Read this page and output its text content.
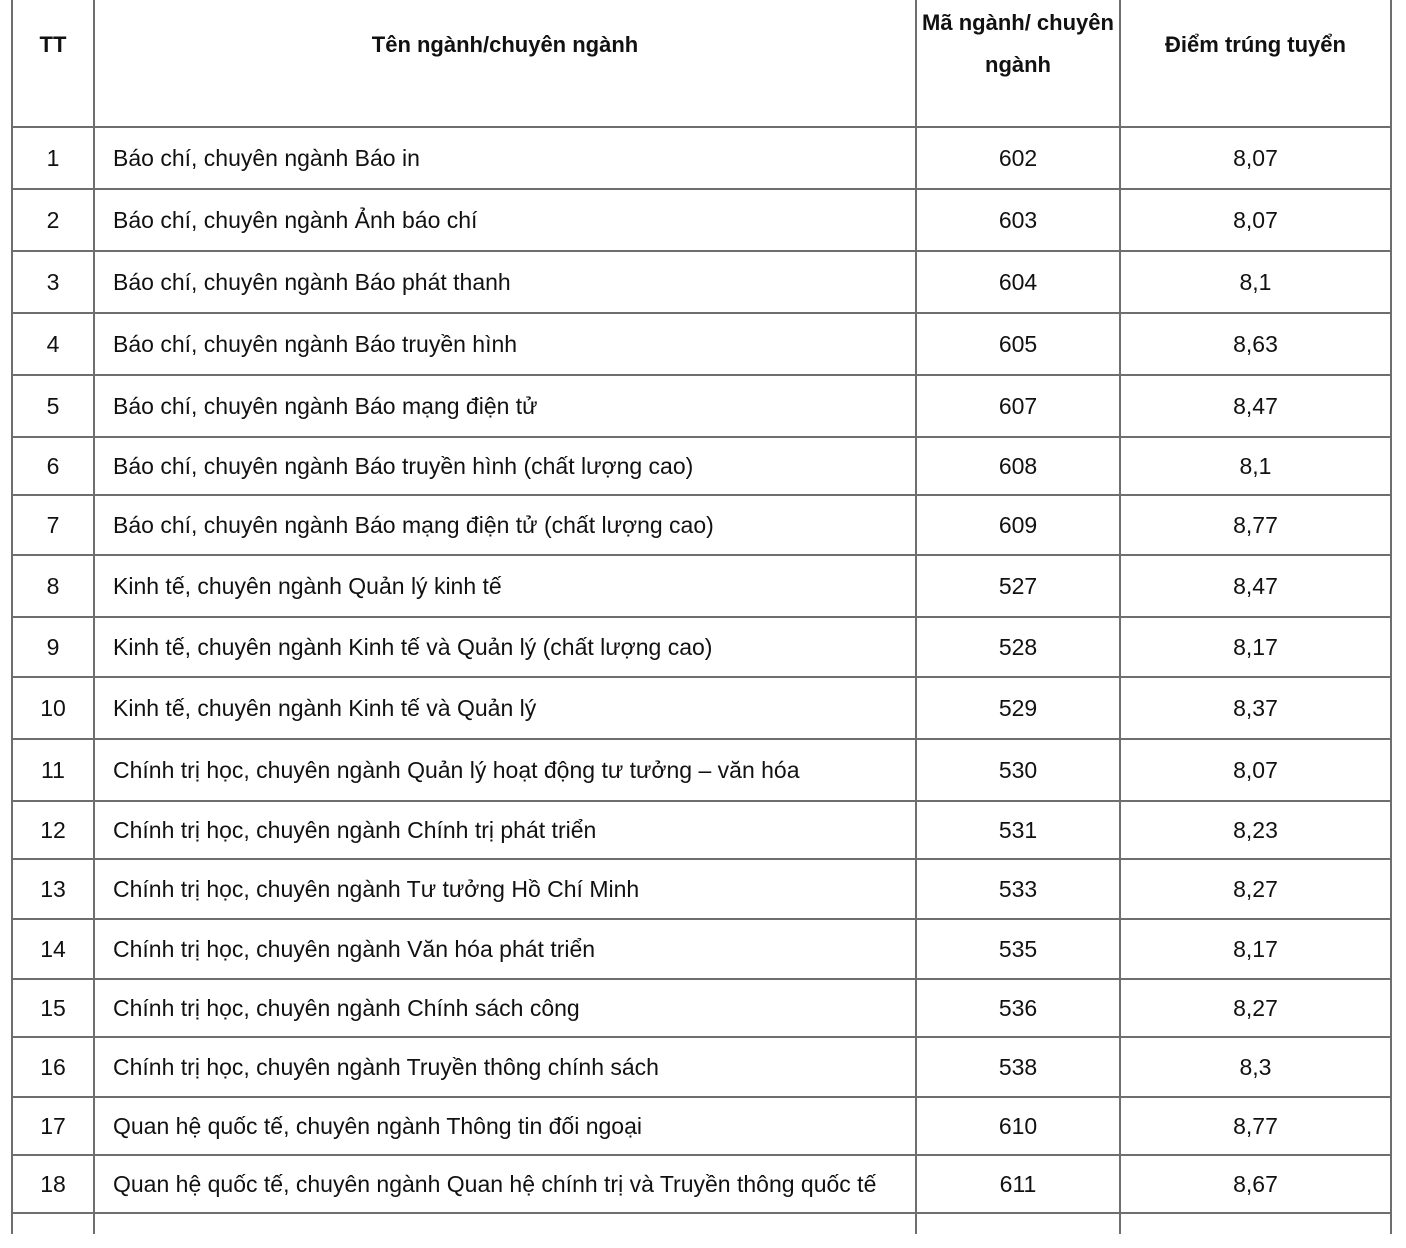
TT	Tên ngành/chuyên ngành	Mã ngành/ chuyên ngành	Điểm trúng tuyển
1	Báo chí, chuyên ngành Báo in	602	8,07
2	Báo chí, chuyên ngành Ảnh báo chí	603	8,07
3	Báo chí, chuyên ngành Báo phát thanh	604	8,1
4	Báo chí, chuyên ngành Báo truyền hình	605	8,63
5	Báo chí, chuyên ngành Báo mạng điện tử	607	8,47
6	Báo chí, chuyên ngành Báo truyền hình (chất lượng cao)	608	8,1
7	Báo chí, chuyên ngành Báo mạng điện tử (chất lượng cao)	609	8,77
8	Kinh tế, chuyên ngành Quản lý kinh tế	527	8,47
9	Kinh tế, chuyên ngành Kinh tế và Quản lý (chất lượng cao)	528	8,17
10	Kinh tế, chuyên ngành Kinh tế và Quản lý	529	8,37
11	Chính trị học, chuyên ngành Quản lý hoạt động tư tưởng – văn hóa	530	8,07
12	Chính trị học, chuyên ngành Chính trị phát triển	531	8,23
13	Chính trị học, chuyên ngành Tư tưởng Hồ Chí Minh	533	8,27
14	Chính trị học, chuyên ngành Văn hóa phát triển	535	8,17
15	Chính trị học, chuyên ngành Chính sách công	536	8,27
16	Chính trị học, chuyên ngành Truyền thông chính sách	538	8,3
17	Quan hệ quốc tế, chuyên ngành Thông tin đối ngoại	610	8,77
18	Quan hệ quốc tế, chuyên ngành Quan hệ chính trị và Truyền thông quốc tế	611	8,67
